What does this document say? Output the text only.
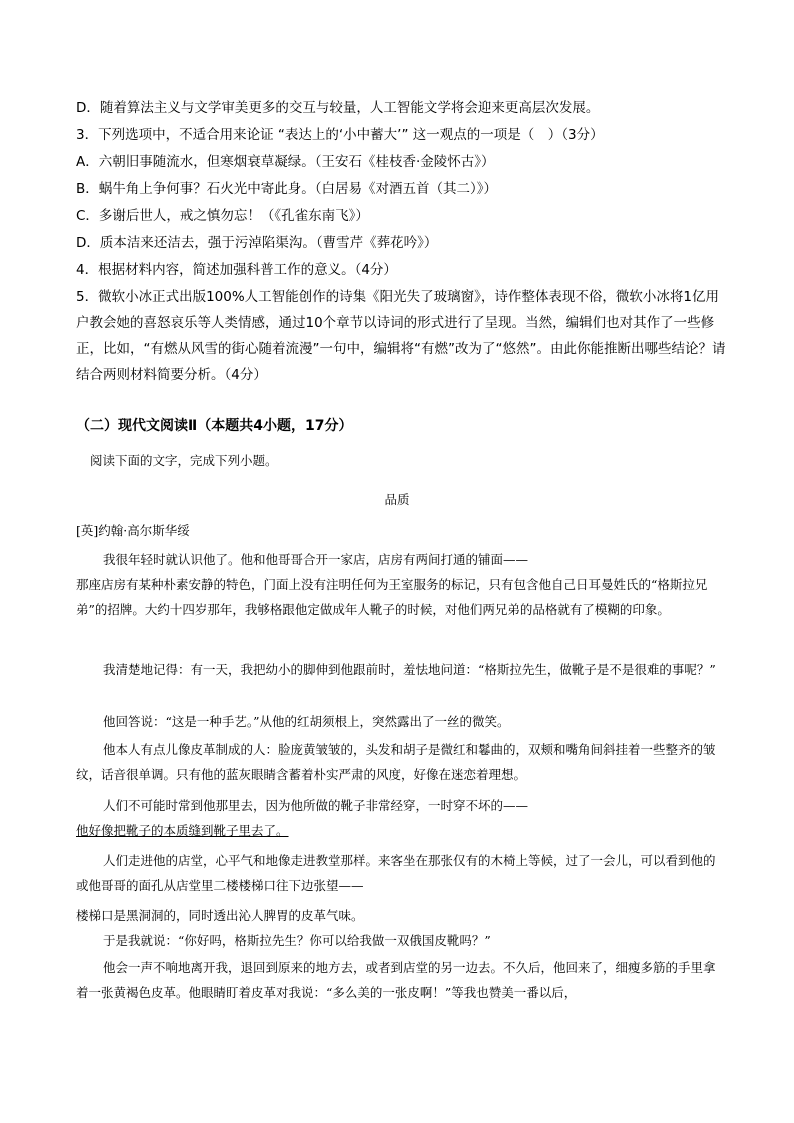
D．随着算法主义与文学审美更多的交互与较量，人工智能文学将会迎来更高层次发展。
3．下列选项中，不适合用来论证 “表达上的‘小中蓄大’” 这一观点的一项是（　）（3分）
A．六朝旧事随流水，但寒烟衰草凝绿。（王安石《桂枝香·金陵怀古》）
B．蜗牛角上争何事？石火光中寄此身。（白居易《对酒五首（其二）》）
C．多谢后世人，戒之慎勿忘！（《孔雀东南飞》）
D．质本洁来还洁去，强于污淖陷渠沟。（曹雪芹《葬花吟》）
4．根据材料内容，简述加强科普工作的意义。（4分）
5．微软小冰正式出版100%人工智能创作的诗集《阳光失了玻璃窗》，诗作整体表现不俗，微软小冰将1亿用户教会她的喜怒哀乐等人类情感，通过10个章节以诗词的形式进行了呈现。当然，编辑们也对其作了一些修正，比如，“有燃从风雪的街心随着流漫”一句中，编辑将“有燃”改为了“悠然”。由此你能推断出哪些结论？请结合两则材料简要分析。（4分）
（二）现代文阅读Ⅱ（本题共4小题，17分）
阅读下面的文字，完成下列小题。
品质
[英]约翰·高尔斯华绥
我很年轻时就认识他了。他和他哥哥合开一家店，店房有两间打通的铺面——
那座店房有某种朴素安静的特色，门面上没有注明任何为王室服务的标记，只有包含他自己日耳曼姓氏的“格斯拉兄弟”的招牌。大约十四岁那年，我够格跟他定做成年人靴子的时候，对他们两兄弟的品格就有了模糊的印象。
我清楚地记得：有一天，我把幼小的脚伸到他跟前时，羞怯地问道：“格斯拉先生，做靴子是不是很难的事呢？”
他回答说：“这是一种手艺。”从他的红胡须根上，突然露出了一丝的微笑。
他本人有点儿像皮革制成的人：脸庞黄皱皱的，头发和胡子是微红和鬈曲的，双颊和嘴角间斜挂着一些整齐的皱纹，话音很单调。只有他的蓝灰眼睛含蓄着朴实严肃的风度，好像在迷恋着理想。
人们不可能时常到他那里去，因为他所做的靴子非常经穿，一时穿不坏的——
他好像把靴子的本质缝到靴子里去了。
人们走进他的店堂，心平气和地像走进教堂那样。来客坐在那张仅有的木椅上等候，过了一会儿，可以看到他的或他哥哥的面孔从店堂里二楼楼梯口往下边张望——
楼梯口是黑洞洞的，同时透出沁人脾胃的皮革气味。
于是我就说：“你好吗，格斯拉先生？你可以给我做一双俄国皮靴吗？”
他会一声不响地离开我，退回到原来的地方去，或者到店堂的另一边去。不久后，他回来了，细瘦多筋的手里拿着一张黄褐色皮革。他眼睛盯着皮革对我说：“多么美的一张皮啊！”等我也赞美一番以后，
